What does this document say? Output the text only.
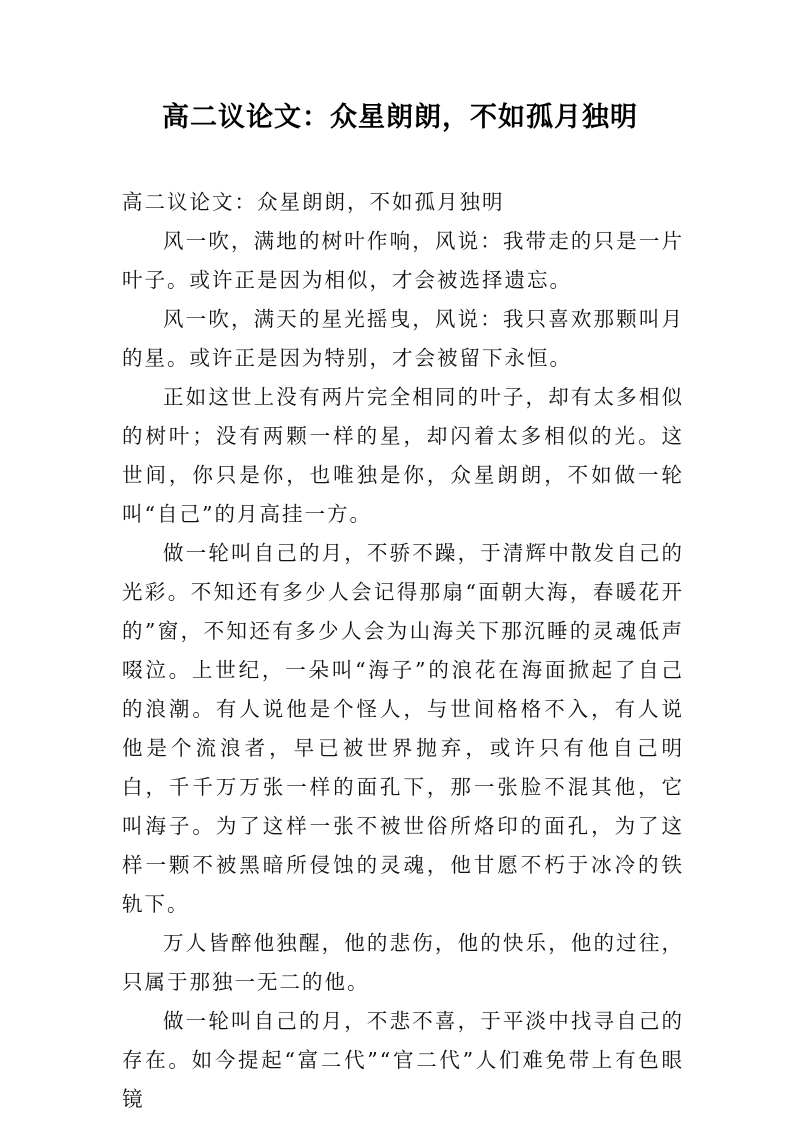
高二议论文：众星朗朗，不如孤月独明

高二议论文：众星朗朗，不如孤月独明

风一吹，满地的树叶作响，风说：我带走的只是一片叶子。或许正是因为相似，才会被选择遗忘。

风一吹，满天的星光摇曳，风说：我只喜欢那颗叫月的星。或许正是因为特别，才会被留下永恒。

正如这世上没有两片完全相同的叶子，却有太多相似的树叶；没有两颗一样的星，却闪着太多相似的光。这世间，你只是你，也唯独是你，众星朗朗，不如做一轮叫“自己”的月高挂一方。

做一轮叫自己的月，不骄不躁，于清辉中散发自己的光彩。不知还有多少人会记得那扇“面朝大海，春暖花开的”窗，不知还有多少人会为山海关下那沉睡的灵魂低声啜泣。上世纪，一朵叫“海子”的浪花在海面掀起了自己的浪潮。有人说他是个怪人，与世间格格不入，有人说他是个流浪者，早已被世界抛弃，或许只有他自己明白，千千万万张一样的面孔下，那一张脸不混其他，它叫海子。为了这样一张不被世俗所烙印的面孔，为了这样一颗不被黑暗所侵蚀的灵魂，他甘愿不朽于冰冷的铁轨下。

万人皆醉他独醒，他的悲伤，他的快乐，他的过往，只属于那独一无二的他。

做一轮叫自己的月，不悲不喜，于平淡中找寻自己的存在。如今提起“富二代”“官二代”人们难免带上有色眼镜
